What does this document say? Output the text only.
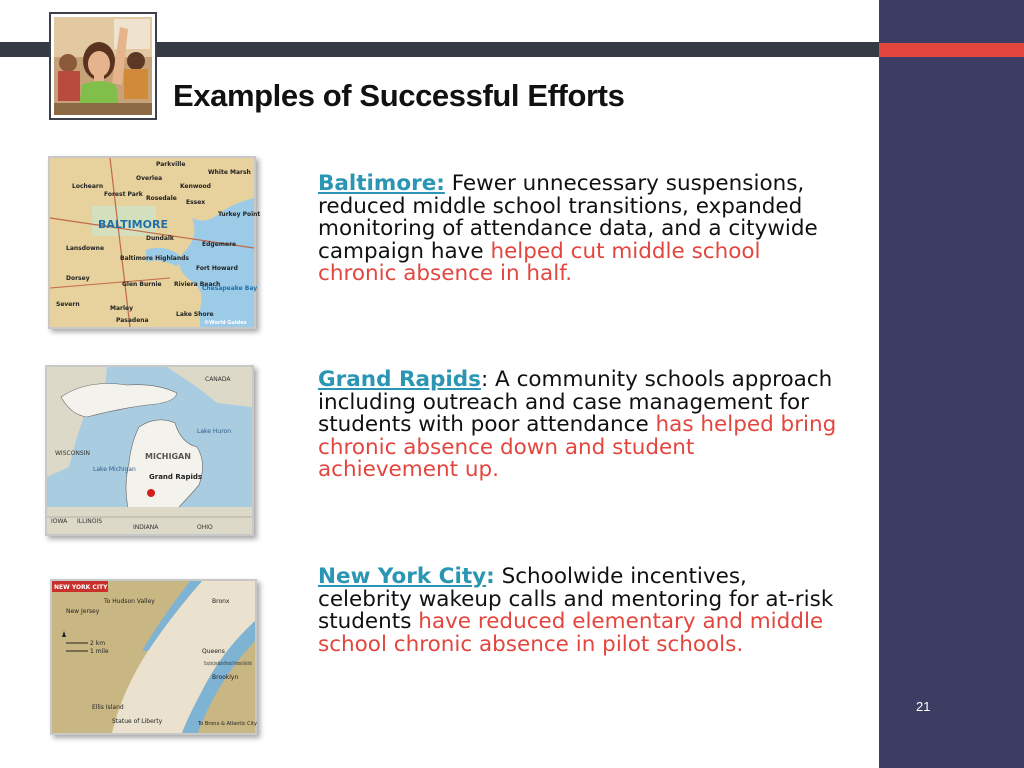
Examples of Successful Efforts
Parkville
White Marsh
Overlea
Lochearn	Kenwood
Forest Park
Rosedale
Essex
BALTIMORE
Turkey Point
Dundalk
Edgemere
Lansdowne
Baltimore Highlands
Fort Howard
Dorsey
Glen Burnie Riviera Beach
Chesapeake Bay
Severn
Marley
Pasadena
Lake Shore
©World Guides
CANADA
WISCONSIN	MICHIGAN
Grand Rapids
Lake Michigan
Lake Huron
INDIANA	OHIO
IOWA ILLINOIS
NEW YORK CITY
To Hudson Valley	Bronx
New Jersey
Queens
Brooklyn
To Long Island, Jones Beach and Fire Island, The Hamptons & Wine District
To Bronx & Atlantic City
Statue of Liberty
Ellis Island
2 km
1 mile

Baltimore: Fewer unnecessary suspensions, reduced middle school transitions, expanded monitoring of attendance data, and a citywide campaign have helped cut middle school chronic absence in half.

Grand Rapids: A community schools approach including outreach and case management for students with poor attendance has helped bring chronic absence down and student achievement up.

New York City: Schoolwide incentives, celebrity wakeup calls and mentoring for at-risk students have reduced elementary and middle school chronic absence in pilot schools.

21
